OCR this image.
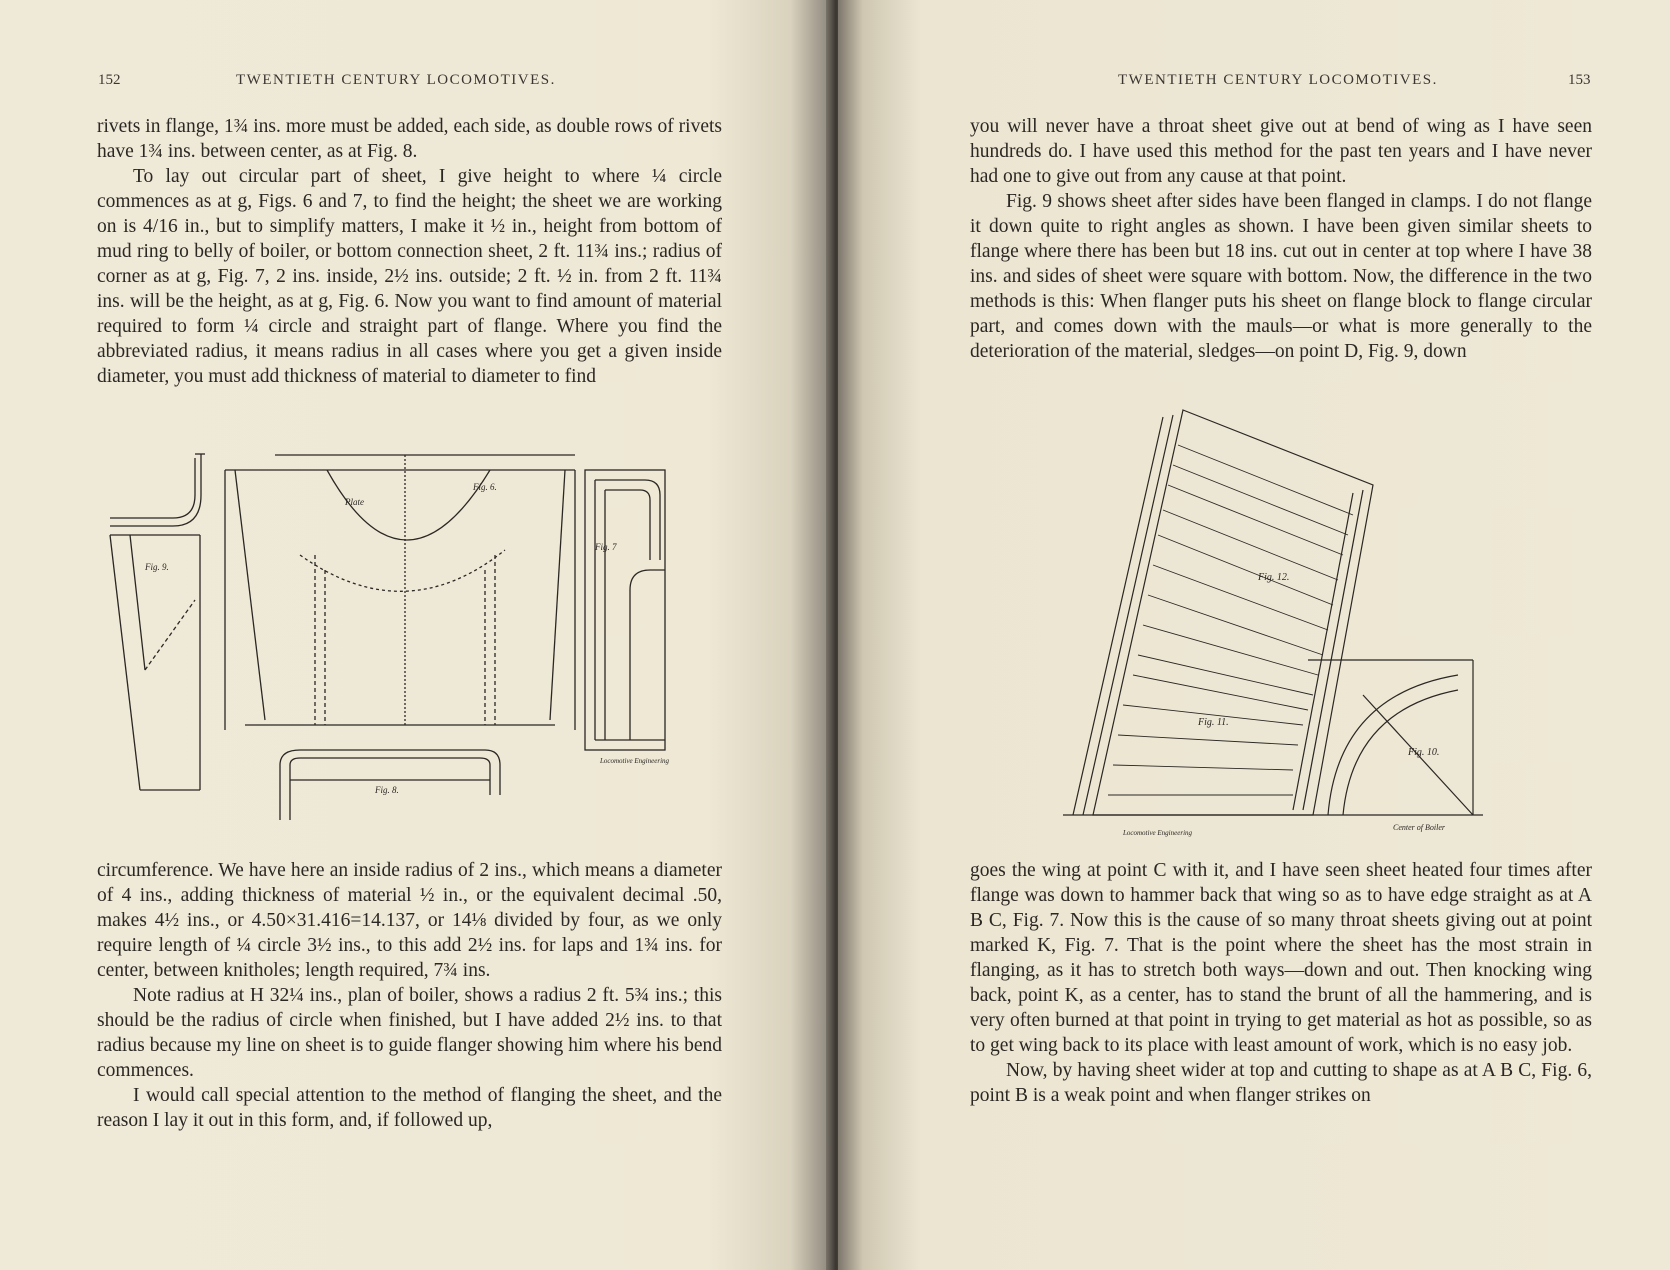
152	TWENTIETH CENTURY LOCOMOTIVES.

rivets in flange, 1¾ ins. more must be added, each side, as double rows of rivets have 1¾ ins. between center, as at Fig. 8.

To lay out circular part of sheet, I give height to where ¼ circle commences as at g, Figs. 6 and 7, to find the height; the sheet we are working on is 4/16 in., but to simplify matters, I make it ½ in., height from bottom of mud ring to belly of boiler, or bottom connection sheet, 2 ft. 11¾ ins.; radius of corner as at g, Fig. 7, 2 ins. inside, 2½ ins. outside; 2 ft. ½ in. from 2 ft. 11¾ ins. will be the height, as at g, Fig. 6. Now you want to find amount of material required to form ¼ circle and straight part of flange. Where you find the abbreviated radius, it means radius in all cases where you get a given inside diameter, you must add thickness of material to diameter to find

Fig. 9.
Fig. 6.
Fig. 7
Fig. 8.
Plate
Locomotive Engineering

circumference. We have here an inside radius of 2 ins., which means a diameter of 4 ins., adding thickness of material ½ in., or the equivalent decimal .50, makes 4½ ins., or 4.50×31.416=14.137, or 14⅛ divided by four, as we only require length of ¼ circle 3½ ins., to this add 2½ ins. for laps and 1¾ ins. for center, between knitholes; length required, 7¾ ins.

Note radius at H 32¼ ins., plan of boiler, shows a radius 2 ft. 5¾ ins.; this should be the radius of circle when finished, but I have added 2½ ins. to that radius because my line on sheet is to guide flanger showing him where his bend commences.

I would call special attention to the method of flanging the sheet, and the reason I lay it out in this form, and, if followed up,

TWENTIETH CENTURY LOCOMOTIVES.	153

you will never have a throat sheet give out at bend of wing as I have seen hundreds do. I have used this method for the past ten years and I have never had one to give out from any cause at that point.

Fig. 9 shows sheet after sides have been flanged in clamps. I do not flange it down quite to right angles as shown. I have been given similar sheets to flange where there has been but 18 ins. cut out in center at top where I have 38 ins. and sides of sheet were square with bottom. Now, the difference in the two methods is this: When flanger puts his sheet on flange block to flange circular part, and comes down with the mauls—or what is more generally to the deterioration of the material, sledges—on point D, Fig. 9, down

Fig. 12.
Fig. 11.
Fig. 10.
Center of Boiler
Locomotive Engineering

goes the wing at point C with it, and I have seen sheet heated four times after flange was down to hammer back that wing so as to have edge straight as at A B C, Fig. 7. Now this is the cause of so many throat sheets giving out at point marked K, Fig. 7. That is the point where the sheet has the most strain in flanging, as it has to stretch both ways—down and out. Then knocking wing back, point K, as a center, has to stand the brunt of all the hammering, and is very often burned at that point in trying to get material as hot as possible, so as to get wing back to its place with least amount of work, which is no easy job.

Now, by having sheet wider at top and cutting to shape as at A B C, Fig. 6, point B is a weak point and when flanger strikes on
